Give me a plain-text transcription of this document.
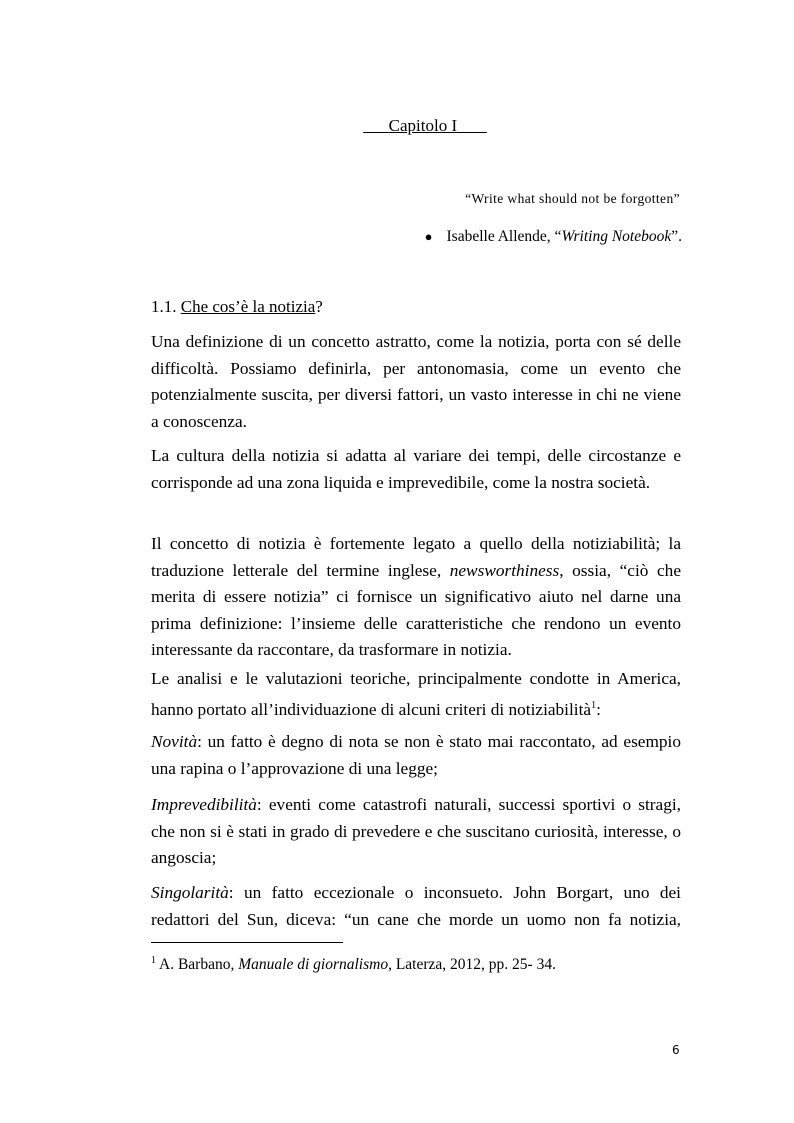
Capitolo I
“Write what should not be forgotten”
● Isabelle Allende, “ Writing Notebook ”.
1.1. Che cos’è la notizia?

Una definizione di un concetto astratto, come la notizia, porta con sé delle difficoltà. Possiamo definirla, per antonomasia, come un evento che potenzialmente suscita, per diversi fattori, un vasto interesse in chi ne viene a conoscenza.

La cultura della notizia si adatta al variare dei tempi, delle circostanze e corrisponde ad una zona liquida e imprevedibile, come la nostra società.

Il concetto di notizia è fortemente legato a quello della notiziabilità; la traduzione letterale del termine inglese, newsworthiness, ossia, “ciò che merita di essere notizia” ci fornisce un significativo aiuto nel darne una prima definizione: l’insieme delle caratteristiche che rendono un evento interessante da raccontare, da trasformare in notizia.

Le analisi e le valutazioni teoriche, principalmente condotte in America, hanno portato all’individuazione di alcuni criteri di notiziabilità$^1$:

Novità: un fatto è degno di nota se non è stato mai raccontato, ad esempio una rapina o l’approvazione di una legge;

Imprevedibilità: eventi come catastrofi naturali, successi sportivi o stragi, che non si è stati in grado di prevedere e che suscitano curiosità, interesse, o angoscia;

Singolarità: un fatto eccezionale o inconsueto. John Borgart, uno dei redattori del Sun, diceva: “un cane che morde un uomo non fa notizia,

$^1$ A. Barbano, Manuale di giornalismo, Laterza, 2012, pp. 25- 34.
6
